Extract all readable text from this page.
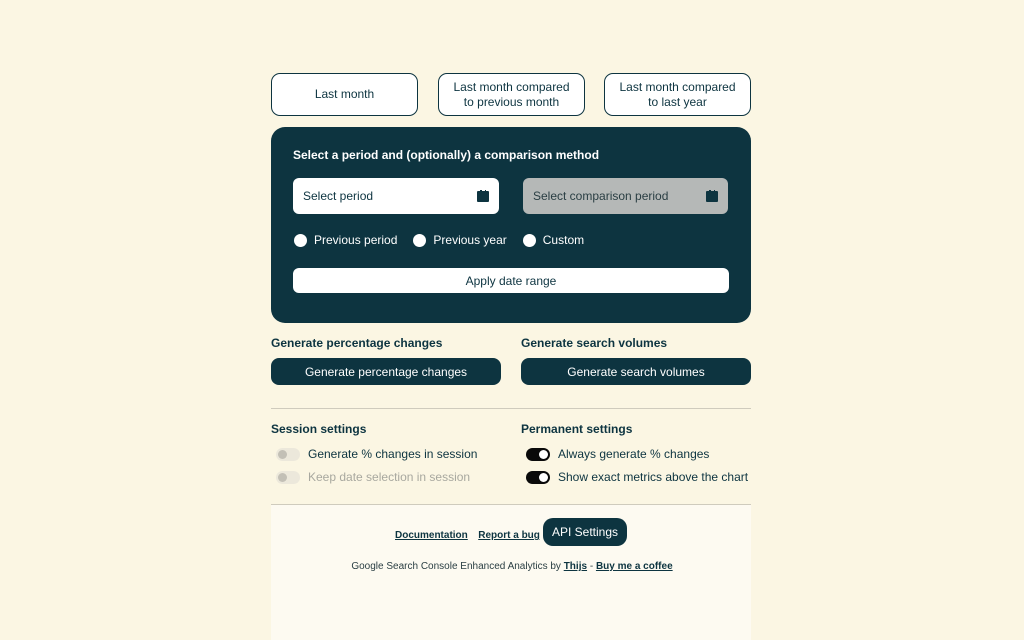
Last month
Last month compared to previous month
Last month compared to last year
Select a period and (optionally) a comparison method
Select period	Select comparison period
Previous period	Previous year	Custom
Apply date range
Generate percentage changes
Generate percentage changes
Generate search volumes
Generate search volumes
Session settings
Generate % changes in session
Keep date selection in session
Permanent settings
Always generate % changes
Show exact metrics above the chart
Documentation Report a bug API Settings
Google Search Console Enhanced Analytics by Thijs - Buy me a coffee
